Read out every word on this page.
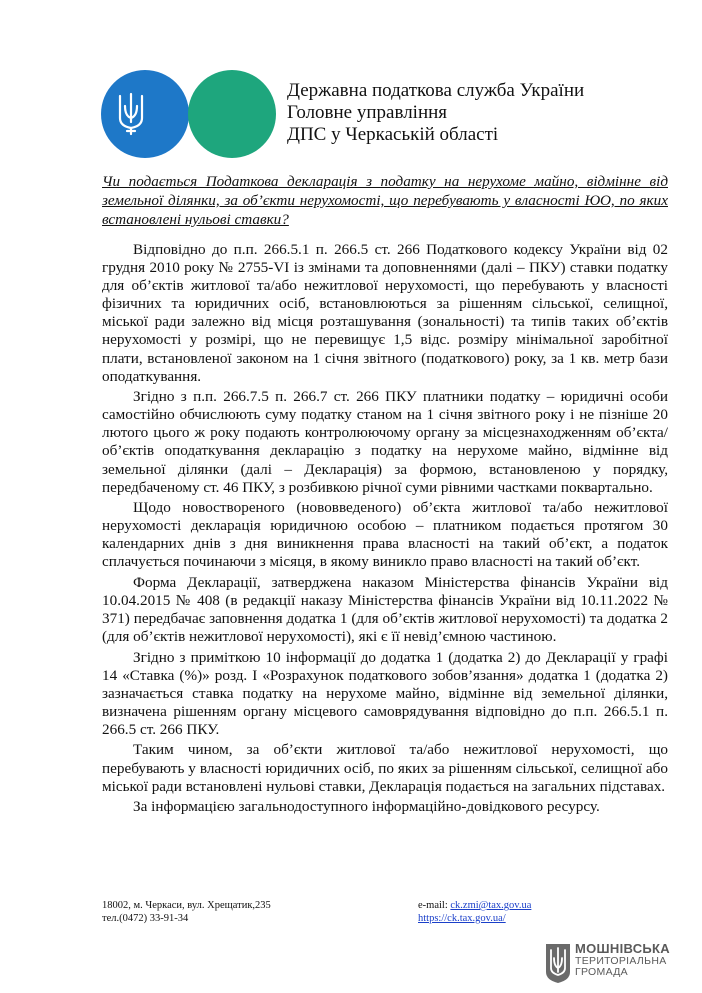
Державна податкова служба України
Головне управління
ДПС у Черкаській області
Чи подається Податкова декларація з податку на нерухоме майно, відмінне від земельної ділянки, за об’єкти нерухомості, що перебувають у власності ЮО, по яких встановлені нульові ставки?

Відповідно до п.п. 266.5.1 п. 266.5 ст. 266 Податкового кодексу України від 02 грудня 2010 року № 2755-VI із змінами та доповненнями (далі – ПКУ) ставки податку для об’єктів житлової та/або нежитлової нерухомості, що перебувають у власності фізичних та юридичних осіб, встановлюються за рішенням сільської, селищної, міської ради залежно від місця розташування (зональності) та типів таких об’єктів нерухомості у розмірі, що не перевищує 1,5 відс. розміру мінімальної заробітної плати, встановленої законом на 1 січня звітного (податкового) року, за 1 кв. метр бази оподаткування.

Згідно з п.п. 266.7.5 п. 266.7 ст. 266 ПКУ платники податку – юридичні особи самостійно обчислюють суму податку станом на 1 січня звітного року і не пізніше 20 лютого цього ж року подають контролюючому органу за місцезнаходженням об’єкта/об’єктів оподаткування декларацію з податку на нерухоме майно, відмінне від земельної ділянки (далі – Декларація) за формою, встановленою у порядку, передбаченому ст. 46 ПКУ, з розбивкою річної суми рівними частками поквартально.

Щодо новоствореного (нововведеного) об’єкта житлової та/або нежитлової нерухомості декларація юридичною особою – платником подається протягом 30 календарних днів з дня виникнення права власності на такий об’єкт, а податок сплачується починаючи з місяця, в якому виникло право власності на такий об’єкт.

Форма Декларації, затверджена наказом Міністерства фінансів України від 10.04.2015 № 408 (в редакції наказу Міністерства фінансів України від 10.11.2022 № 371) передбачає заповнення додатка 1 (для об’єктів житлової нерухомості) та додатка 2 (для об’єктів нежитлової нерухомості), які є її невід’ємною частиною.

Згідно з приміткою 10 інформації до додатка 1 (додатка 2) до Декларації у графі 14 «Ставка (%)» розд. І «Розрахунок податкового зобов’язання» додатка 1 (додатка 2) зазначається ставка податку на нерухоме майно, відмінне від земельної ділянки, визначена рішенням органу місцевого самоврядування відповідно до п.п. 266.5.1 п. 266.5 ст. 266 ПКУ.

Таким чином, за об’єкти житлової та/або нежитлової нерухомості, що перебувають у власності юридичних осіб, по яких за рішенням сільської, селищної або міської ради встановлені нульові ставки, Декларація подається на загальних підставах.

За інформацією загальнодоступного інформаційно-довідкового ресурсу.

18002, м. Черкаси, вул. Хрещатик,235
тел.(0472) 33-91-34
e-mail: ck.zmi@tax.gov.ua
https://ck.tax.gov.ua/
МОШНІВСЬКА
ТЕРИТОРІАЛЬНА
ГРОМАДА
